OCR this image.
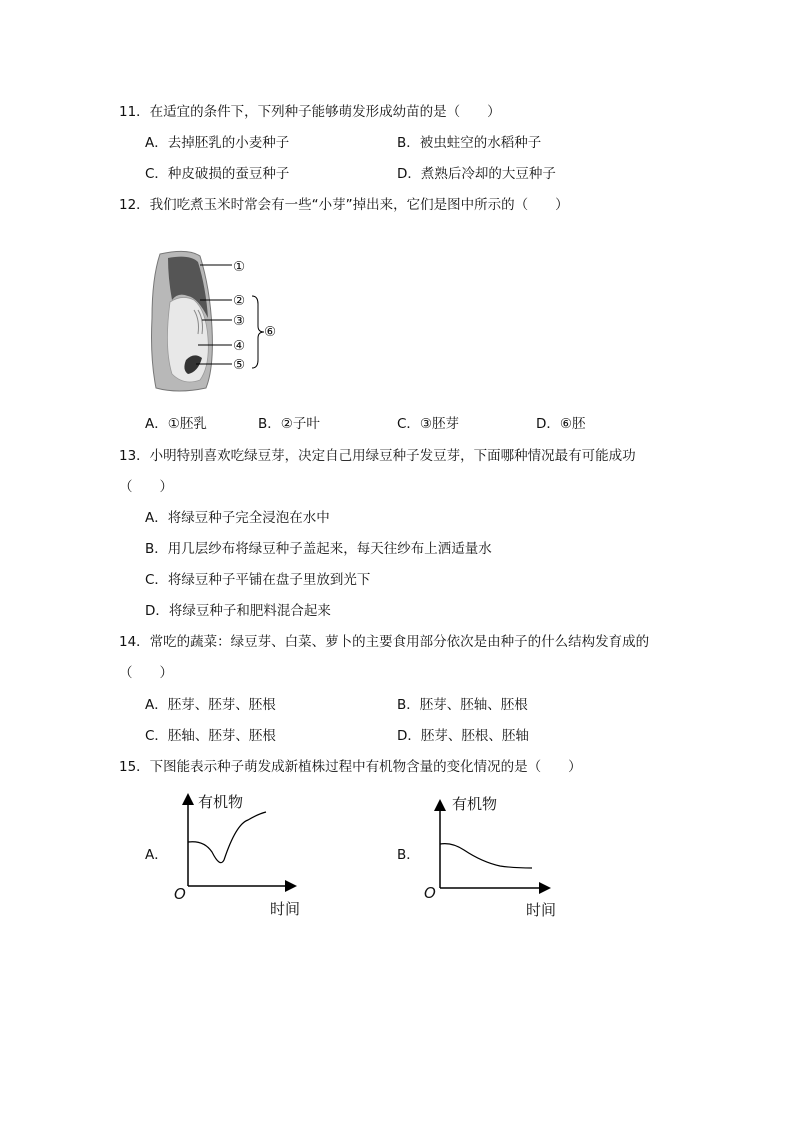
11．在适宜的条件下，下列种子能够萌发形成幼苗的是（　　）
A．去掉胚乳的小麦种子	B．被虫蛀空的水稻种子
C．种皮破损的蚕豆种子	D．煮熟后冷却的大豆种子
12．我们吃煮玉米时常会有一些“小芽”掉出来，它们是图中所示的（　　）
①
②
③
④
⑤
⑥
A．①胚乳	B．②子叶	C．③胚芽	D．⑥胚
13．小明特别喜欢吃绿豆芽，决定自己用绿豆种子发豆芽，下面哪种情况最有可能成功
（　　）
A．将绿豆种子完全浸泡在水中
B．用几层纱布将绿豆种子盖起来，每天往纱布上洒适量水
C．将绿豆种子平铺在盘子里放到光下
D．将绿豆种子和肥料混合起来
14．常吃的蔬菜：绿豆芽、白菜、萝卜的主要食用部分依次是由种子的什么结构发育成的
（　　）
A．胚芽、胚芽、胚根	B．胚芽、胚轴、胚根
C．胚轴、胚芽、胚根	D．胚芽、胚根、胚轴
15．下图能表示种子萌发成新植株过程中有机物含量的变化情况的是（　　）
A．
有机物
时间
O
B．
有机物
时间
O
